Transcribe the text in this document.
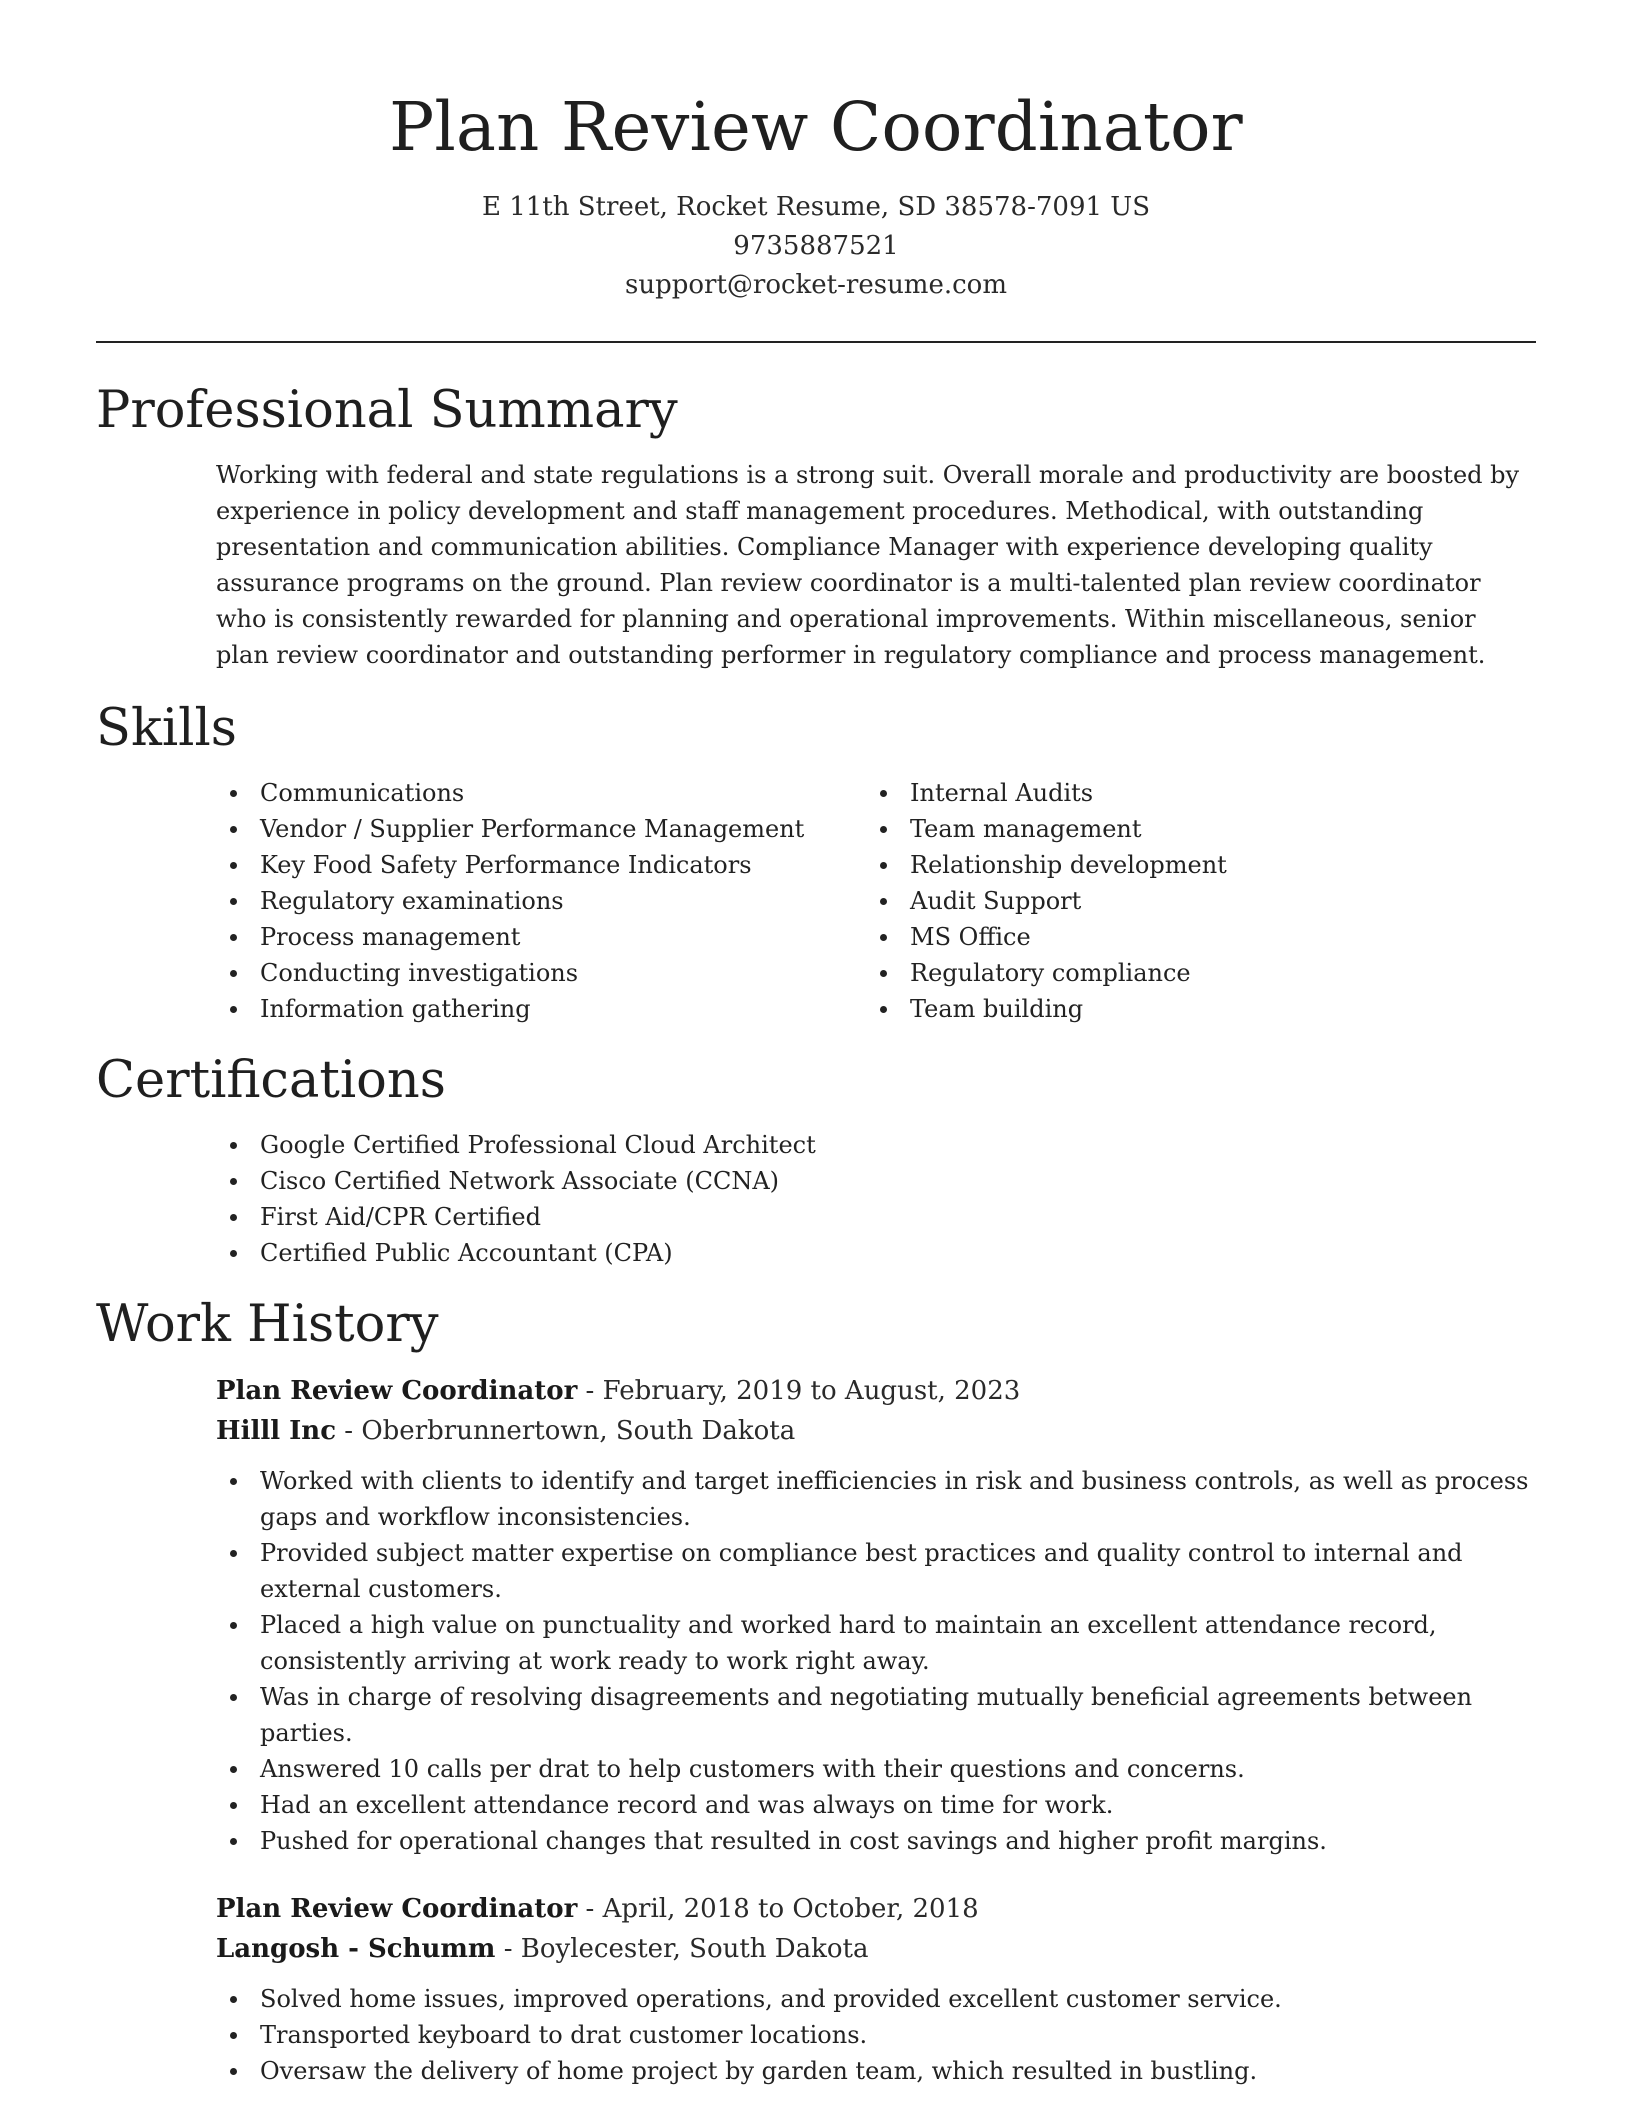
Plan Review Coordinator
E 11th Street, Rocket Resume, SD 38578-7091 US
9735887521
support@rocket-resume.com
Professional Summary

Working with federal and state regulations is a strong suit. Overall morale and productivity are boosted by experience in policy development and staff management procedures. Methodical, with outstanding presentation and communication abilities. Compliance Manager with experience developing quality assurance programs on the ground. Plan review coordinator is a multi-talented plan review coordinator who is consistently rewarded for planning and operational improvements. Within miscellaneous, senior plan review coordinator and outstanding performer in regulatory compliance and process management.

Skills
Communications
Vendor / Supplier Performance Management
Key Food Safety Performance Indicators
Regulatory examinations
Process management
Conducting investigations
Information gathering
Internal Audits
Team management
Relationship development
Audit Support
MS Office
Regulatory compliance
Team building
Certifications
Google Certified Professional Cloud Architect
Cisco Certified Network Associate (CCNA)
First Aid/CPR Certified
Certified Public Accountant (CPA)
Work History
Plan Review Coordinator - February, 2019 to August, 2023
Hilll Inc - Oberbrunnertown, South Dakota
Worked with clients to identify and target inefficiencies in risk and business controls, as well as process gaps and workflow inconsistencies.
Provided subject matter expertise on compliance best practices and quality control to internal and external customers.
Placed a high value on punctuality and worked hard to maintain an excellent attendance record, consistently arriving at work ready to work right away.
Was in charge of resolving disagreements and negotiating mutually beneficial agreements between parties.
Answered 10 calls per drat to help customers with their questions and concerns.
Had an excellent attendance record and was always on time for work.
Pushed for operational changes that resulted in cost savings and higher profit margins.
Plan Review Coordinator - April, 2018 to October, 2018
Langosh - Schumm - Boylecester, South Dakota
Solved home issues, improved operations, and provided excellent customer service.
Transported keyboard to drat customer locations.
Oversaw the delivery of home project by garden team, which resulted in bustling.
